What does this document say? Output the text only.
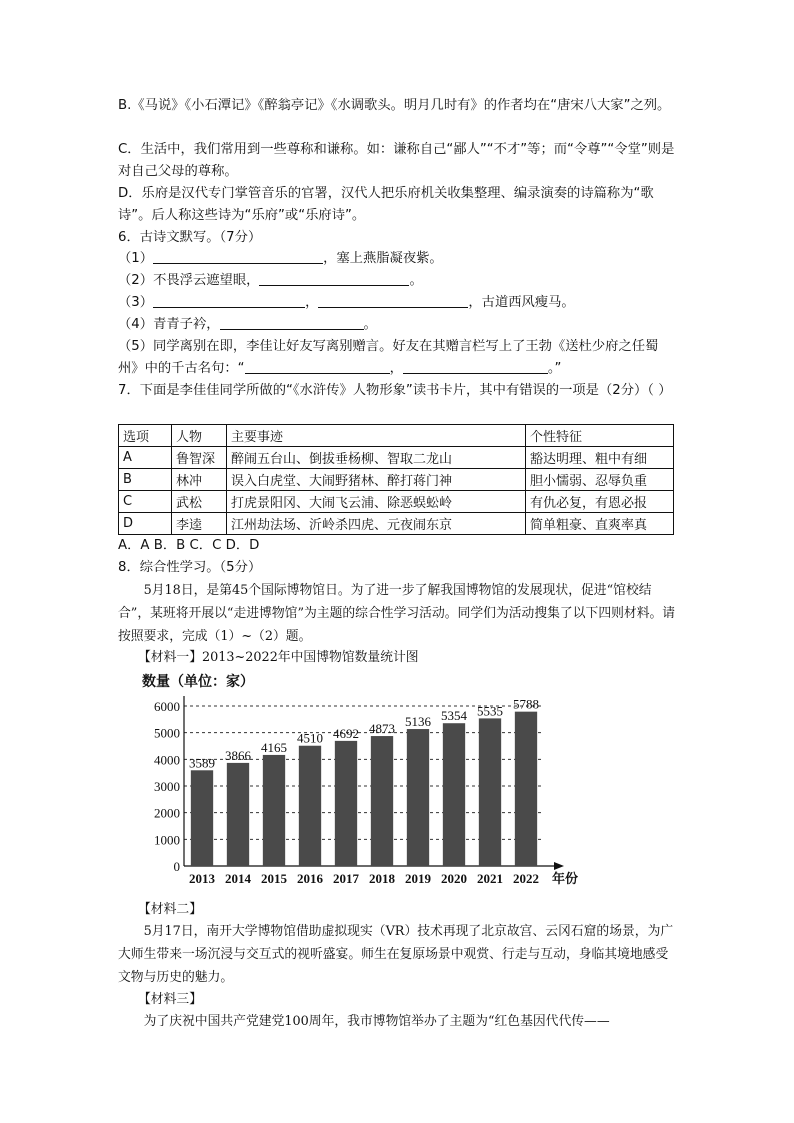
B.《马说》《小石潭记》《醉翁亭记》《水调歌头。明月几时有》的作者均在“唐宋八大家”之列。
C．生活中，我们常用到一些尊称和谦称。如：谦称自己“鄙人”“不才”等；而“令尊”“令堂”则是对自己父母的尊称。
D．乐府是汉代专门掌管音乐的官署，汉代人把乐府机关收集整理、编录演奏的诗篇称为“歌诗”。后人称这些诗为“乐府”或“乐府诗”。
6．古诗文默写。（7分）
（1）	，塞上燕脂凝夜紫。
（2）不畏浮云遮望眼，	。
（3）	，	，古道西风瘦马。
（4）青青子衿，	。
（5）同学离别在即，李佳让好友写离别赠言。好友在其赠言栏写上了王勃《送杜少府之任蜀州》中的千古名句：“	，	。”
7．下面是李佳佳同学所做的“《水浒传》人物形象”读书卡片，其中有错误的一项是（2分）（ ）
选项	人物	主要事迹	个性特征
A	鲁智深	醉闹五台山、倒拔垂杨柳、智取二龙山	豁达明理、粗中有细
B	林冲	误入白虎堂、大闹野猪林、醉打蒋门神	胆小懦弱、忍辱负重
C	武松	打虎景阳冈、大闹飞云浦、除恶蜈蚣岭	有仇必复，有恩必报
D	李逵	江州劫法场、沂岭杀四虎、元夜闹东京	简单粗豪、直爽率真
A．A B．B C．C D．D
8．综合性学习。（5分）
5月18日，是第45个国际博物馆日。为了进一步了解我国博物馆的发展现状，促进“馆校结合”，某班将开展以“走进博物馆”为主题的综合性学习活动。同学们为活动搜集了以下四则材料。请按照要求，完成（1）~（2）题。
【材料一】2013~2022年中国博物馆数量统计图
数量（单位：家）
0
1000
2000
3000
4000
5000
6000
3589
2013
3866
2014
4165
2015
4510
2016
4692
2017
4873
2018
5136
2019
5354
2020
5535
2021
5788
2022 年份
【材料二】
5月17日，南开大学博物馆借助虚拟现实（VR）技术再现了北京故宫、云冈石窟的场景，为广大师生带来一场沉浸与交互式的视听盛宴。师生在复原场景中观赏、行走与互动，身临其境地感受文物与历史的魅力。
【材料三】
为了庆祝中国共产党建党100周年，我市博物馆举办了主题为“红色基因代代传——
